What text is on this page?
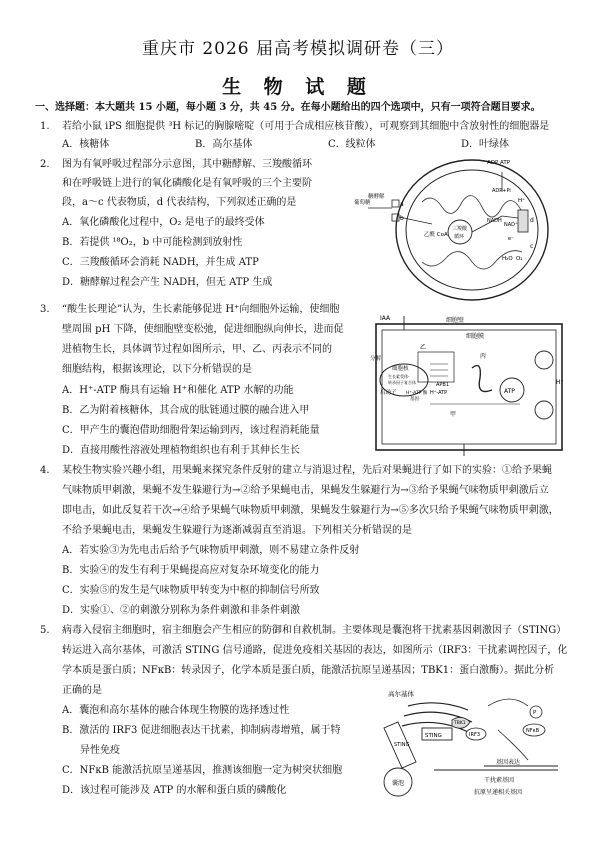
重庆市 2026 届高考模拟调研卷（三）
生 物 试 题
一、选择题：本大题共 15 小题，每小题 3 分，共 45 分。在每小题给出的四个选项中，只有一项符合题目要求。
1. 若给小鼠 iPS 细胞提供 ³H 标记的胸腺嘧啶（可用于合成相应核苷酸），可观察到其细胞中含放射性的细胞器是
A．核糖体	B．高尔基体	C．线粒体	D．叶绿体
2. 图为有氧呼吸过程部分示意图，其中糖酵解、三羧酸循环
和在呼吸链上进行的氧化磷酸化是有氧呼吸的三个主要阶
段，a～c 代表物质，d 代表结构，下列叙述正确的是
A．氧化磷酸化过程中，O₂ 是电子的最终受体
B．若提供 ¹⁸O₂，b 中可能检测到放射性
C．三羧酸循环会消耗 NADH，并生成 ATP
D．糖酵解过程会产生 NADH，但无 ATP 生成
葡萄糖
糖酵解
a
b
c
d
乙酰 CoA
三羧酸
循环
ADP ATP
ADP+Pi
NADH
NAD⁺
H⁺
H₂O O₂
e⁻
3. “酸生长理论”认为，生长素能够促进 H⁺向细胞外运输，使细胞
壁周围 pH 下降，使细胞壁变松弛，促进细胞纵向伸长，进而促
进植物生长，具体调节过程如图所示，甲、乙、丙表示不同的
细胞结构，根据该理论，以下分析错误的是
A．H⁺-ATP 酶具有运输 H⁺和催化 ATP 水解的功能
B．乙为附着核糖体，其合成的肽链通过膜的融合进入甲
C．甲产生的囊泡借助细胞骨架运输到丙，该过程消耗能量
D．直接用酸性溶液处理植物组织也有利于其伸长生长
IAA	细胞壁
细胞膜
乙
甲
丙
分解
细胞核
生长素受体-
转录因子复合体
启动子 H⁺-ATP 酶
基因
APB1
H⁺-ATP	ATP
H⁺
4. 某校生物实验兴趣小组，用果蝇来探究条件反射的建立与消退过程，先后对果蝇进行了如下的实验：①给予果蝇
气味物质甲刺激，果蝇不发生躲避行为→②给予果蝇电击，果蝇发生躲避行为→③给予果蝇气味物质甲刺激后立
即电击，如此反复若干次→④给予果蝇气味物质甲刺激，果蝇发生躲避行为→⑤多次只给予果蝇气味物质甲刺激，
不给予果蝇电击，果蝇发生躲避行为逐渐减弱直至消退。下列相关分析错误的是
A．若实验③为先电击后给予气味物质甲刺激，则不易建立条件反射
B．实验④的发生有利于果蝇提高应对复杂环境变化的能力
C．实验⑤的发生是气味物质甲转变为中枢的抑制信号所致
D．实验①、②的刺激分别称为条件刺激和非条件刺激
5. 病毒入侵宿主细胞时，宿主细胞会产生相应的防御和自救机制。主要体现是囊泡将干扰素基因刺激因子（STING）
转运进入高尔基体，可激活 STING 信号通路，促进免疫相关基因的表达，如图所示（IRF3：干扰素调控因子，化
学本质是蛋白质；NFκB：转录因子，化学本质是蛋白质，能激活抗原呈递基因；TBK1：蛋白激酶）。据此分析
正确的是
A．囊泡和高尔基体的融合体现生物膜的选择透过性
B．激活的 IRF3 促进细胞表达干扰素，抑制病毒增殖，属于特
异性免疫
C．NFκB 能激活抗原呈递基因，推测该细胞一定为树突状细胞
D．该过程可能涉及 ATP 的水解和蛋白质的磷酸化
高尔基体
STING
STING
囊泡
TBK1
IRF3
NFκB
P
基因表达
干扰素基因
抗原呈递相关基因
